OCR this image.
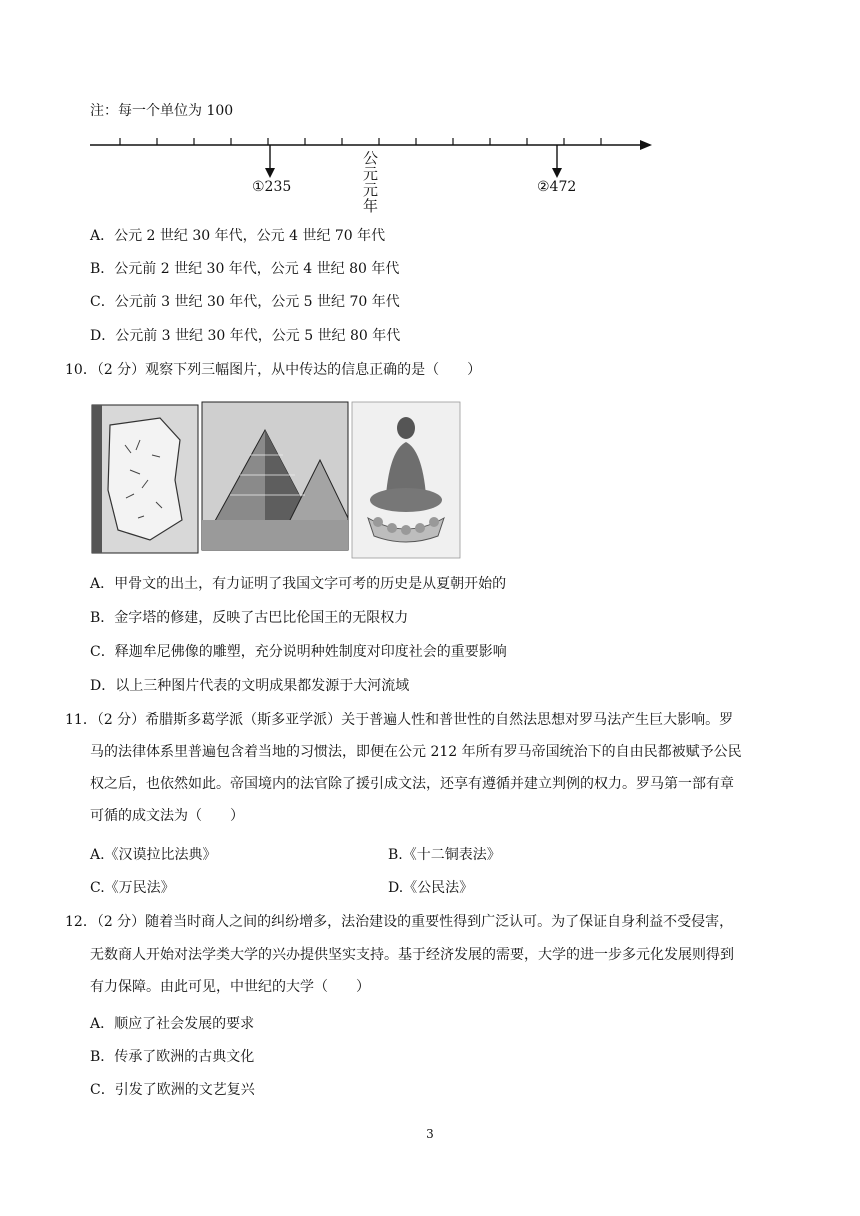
注：每一个单位为 100
①235	②472
公
元
元
年
A．公元 2 世纪 30 年代，公元 4 世纪 70 年代
B．公元前 2 世纪 30 年代，公元 4 世纪 80 年代
C．公元前 3 世纪 30 年代，公元 5 世纪 70 年代
D．公元前 3 世纪 30 年代，公元 5 世纪 80 年代
10．（2 分）观察下列三幅图片，从中传达的信息正确的是（　　）
A．甲骨文的出土，有力证明了我国文字可考的历史是从夏朝开始的
B．金字塔的修建，反映了古巴比伦国王的无限权力
C．释迦牟尼佛像的雕塑，充分说明种姓制度对印度社会的重要影响
D．以上三种图片代表的文明成果都发源于大河流域
11．（2 分）希腊斯多葛学派（斯多亚学派）关于普遍人性和普世性的自然法思想对罗马法产生巨大影响。罗
马的法律体系里普遍包含着当地的习惯法，即便在公元 212 年所有罗马帝国统治下的自由民都被赋予公民
权之后，也依然如此。帝国境内的法官除了援引成文法，还享有遵循并建立判例的权力。罗马第一部有章
可循的成文法为（　　）
A.《汉谟拉比法典》	B.《十二铜表法》
C.《万民法》	D.《公民法》
12．（2 分）随着当时商人之间的纠纷增多，法治建设的重要性得到广泛认可。为了保证自身利益不受侵害，
无数商人开始对法学类大学的兴办提供坚实支持。基于经济发展的需要，大学的进一步多元化发展则得到
有力保障。由此可见，中世纪的大学（　　）
A．顺应了社会发展的要求
B．传承了欧洲的古典文化
C．引发了欧洲的文艺复兴
3
